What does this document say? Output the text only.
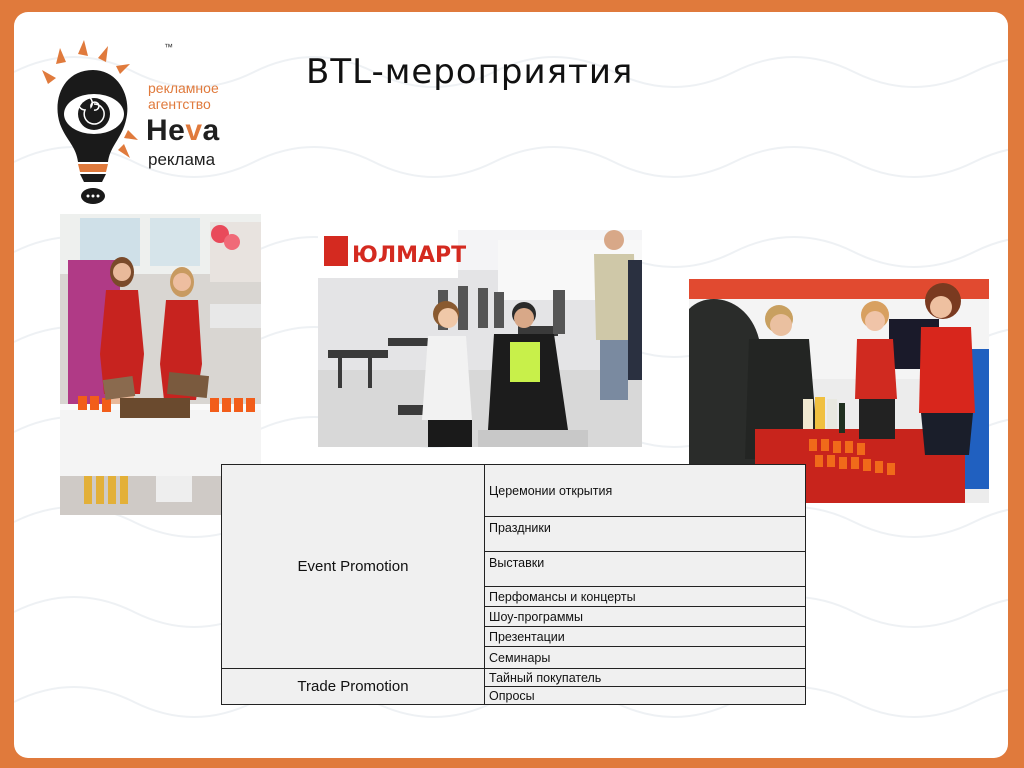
™
рекламное
агентство
Heva
реклама
BTL-мероприятия
ЮЛМАРТ
Event Promotion	Церемонии открытия
	Праздники
	Выставки
	Перфомансы и концерты
	Шоу-программы
	Презентации
	Семинары
Trade Promotion	Тайный покупатель
	Опросы
